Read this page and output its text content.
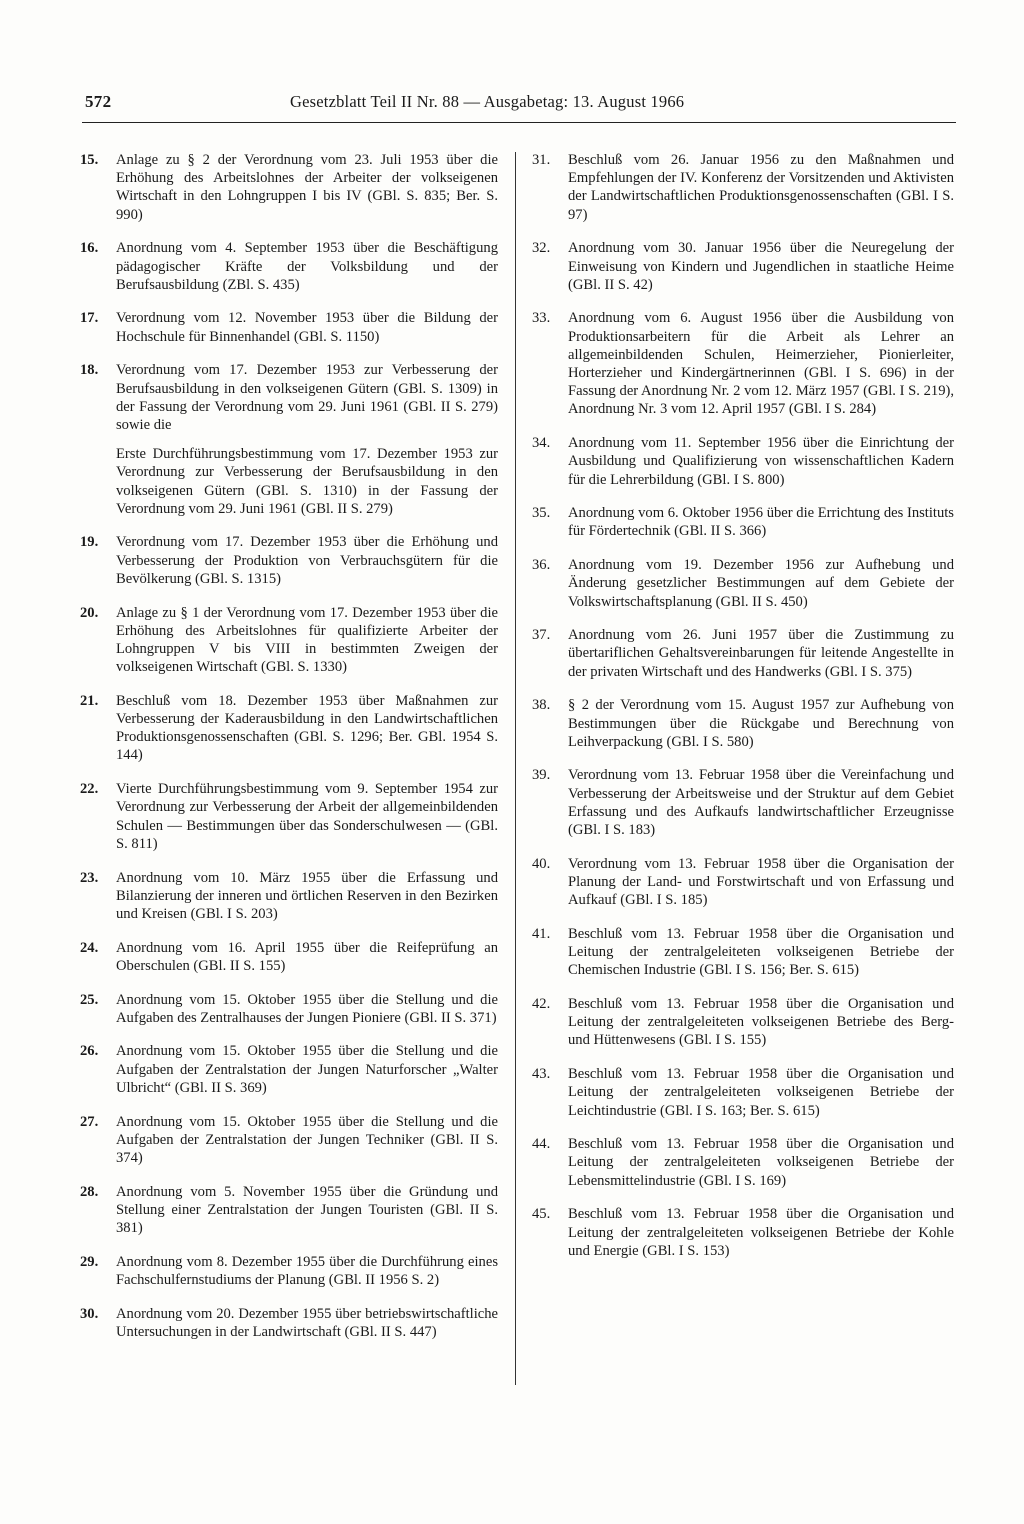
572	Gesetzblatt Teil II Nr. 88 — Ausgabetag: 13. August 1966
15.	Anlage zu § 2 der Verordnung vom 23. Juli 1953 über die Erhöhung des Arbeitslohnes der Arbeiter der volkseigenen Wirtschaft in den Lohngruppen I bis IV (GBl. S. 835; Ber. S. 990)
16.	Anordnung vom 4. September 1953 über die Beschäftigung pädagogischer Kräfte der Volksbildung und der Berufsausbildung (ZBl. S. 435)
17.	Verordnung vom 12. November 1953 über die Bildung der Hochschule für Binnenhandel (GBl. S. 1150)
18.	Verordnung vom 17. Dezember 1953 zur Verbesserung der Berufsausbildung in den volkseigenen Gütern (GBl. S. 1309) in der Fassung der Verordnung vom 29. Juni 1961 (GBl. II S. 279) sowie die
Erste Durchführungsbestimmung vom 17. Dezember 1953 zur Verordnung zur Verbesserung der Berufsausbildung in den volkseigenen Gütern (GBl. S. 1310) in der Fassung der Verordnung vom 29. Juni 1961 (GBl. II S. 279)
19.	Verordnung vom 17. Dezember 1953 über die Erhöhung und Verbesserung der Produktion von Verbrauchsgütern für die Bevölkerung (GBl. S. 1315)
20.	Anlage zu § 1 der Verordnung vom 17. Dezember 1953 über die Erhöhung des Arbeitslohnes für qualifizierte Arbeiter der Lohngruppen V bis VIII in bestimmten Zweigen der volkseigenen Wirtschaft (GBl. S. 1330)
21.	Beschluß vom 18. Dezember 1953 über Maßnahmen zur Verbesserung der Kaderausbildung in den Landwirtschaftlichen Produktionsgenossenschaften (GBl. S. 1296; Ber. GBl. 1954 S. 144)
22.	Vierte Durchführungsbestimmung vom 9. September 1954 zur Verordnung zur Verbesserung der Arbeit der allgemeinbildenden Schulen — Bestimmungen über das Sonderschulwesen — (GBl. S. 811)
23.	Anordnung vom 10. März 1955 über die Erfassung und Bilanzierung der inneren und örtlichen Reserven in den Bezirken und Kreisen (GBl. I S. 203)
24.	Anordnung vom 16. April 1955 über die Reifeprüfung an Oberschulen (GBl. II S. 155)
25.	Anordnung vom 15. Oktober 1955 über die Stellung und die Aufgaben des Zentralhauses der Jungen Pioniere (GBl. II S. 371)
26.	Anordnung vom 15. Oktober 1955 über die Stellung und die Aufgaben der Zentralstation der Jungen Naturforscher „Walter Ulbricht“ (GBl. II S. 369)
27.	Anordnung vom 15. Oktober 1955 über die Stellung und die Aufgaben der Zentralstation der Jungen Techniker (GBl. II S. 374)
28.	Anordnung vom 5. November 1955 über die Gründung und Stellung einer Zentralstation der Jungen Touristen (GBl. II S. 381)
29.	Anordnung vom 8. Dezember 1955 über die Durchführung eines Fachschulfernstudiums der Planung (GBl. II 1956 S. 2)
30.	Anordnung vom 20. Dezember 1955 über betriebswirtschaftliche Untersuchungen in der Landwirtschaft (GBl. II S. 447)
31.	Beschluß vom 26. Januar 1956 zu den Maßnahmen und Empfehlungen der IV. Konferenz der Vorsitzenden und Aktivisten der Landwirtschaftlichen Produktionsgenossenschaften (GBl. I S. 97)
32.	Anordnung vom 30. Januar 1956 über die Neuregelung der Einweisung von Kindern und Jugendlichen in staatliche Heime (GBl. II S. 42)
33.	Anordnung vom 6. August 1956 über die Ausbildung von Produktionsarbeitern für die Arbeit als Lehrer an allgemeinbildenden Schulen, Heimerzieher, Pionierleiter, Horterzieher und Kindergärtnerinnen (GBl. I S. 696) in der Fassung der Anordnung Nr. 2 vom 12. März 1957 (GBl. I S. 219), Anordnung Nr. 3 vom 12. April 1957 (GBl. I S. 284)
34.	Anordnung vom 11. September 1956 über die Einrichtung der Ausbildung und Qualifizierung von wissenschaftlichen Kadern für die Lehrerbildung (GBl. I S. 800)
35.	Anordnung vom 6. Oktober 1956 über die Errichtung des Instituts für Fördertechnik (GBl. II S. 366)
36.	Anordnung vom 19. Dezember 1956 zur Aufhebung und Änderung gesetzlicher Bestimmungen auf dem Gebiete der Volkswirtschaftsplanung (GBl. II S. 450)
37.	Anordnung vom 26. Juni 1957 über die Zustimmung zu übertariflichen Gehaltsvereinbarungen für leitende Angestellte in der privaten Wirtschaft und des Handwerks (GBl. I S. 375)
38.	§ 2 der Verordnung vom 15. August 1957 zur Aufhebung von Bestimmungen über die Rückgabe und Berechnung von Leihverpackung (GBl. I S. 580)
39.	Verordnung vom 13. Februar 1958 über die Vereinfachung und Verbesserung der Arbeitsweise und der Struktur auf dem Gebiet Erfassung und des Aufkaufs landwirtschaftlicher Erzeugnisse (GBl. I S. 183)
40.	Verordnung vom 13. Februar 1958 über die Organisation der Planung der Land- und Forstwirtschaft und von Erfassung und Aufkauf (GBl. I S. 185)
41.	Beschluß vom 13. Februar 1958 über die Organisation und Leitung der zentralgeleiteten volkseigenen Betriebe der Chemischen Industrie (GBl. I S. 156; Ber. S. 615)
42.	Beschluß vom 13. Februar 1958 über die Organisation und Leitung der zentralgeleiteten volkseigenen Betriebe des Berg- und Hüttenwesens (GBl. I S. 155)
43.	Beschluß vom 13. Februar 1958 über die Organisation und Leitung der zentralgeleiteten volkseigenen Betriebe der Leichtindustrie (GBl. I S. 163; Ber. S. 615)
44.	Beschluß vom 13. Februar 1958 über die Organisation und Leitung der zentralgeleiteten volkseigenen Betriebe der Lebensmittelindustrie (GBl. I S. 169)
45.	Beschluß vom 13. Februar 1958 über die Organisation und Leitung der zentralgeleiteten volkseigenen Betriebe der Kohle und Energie (GBl. I S. 153)
